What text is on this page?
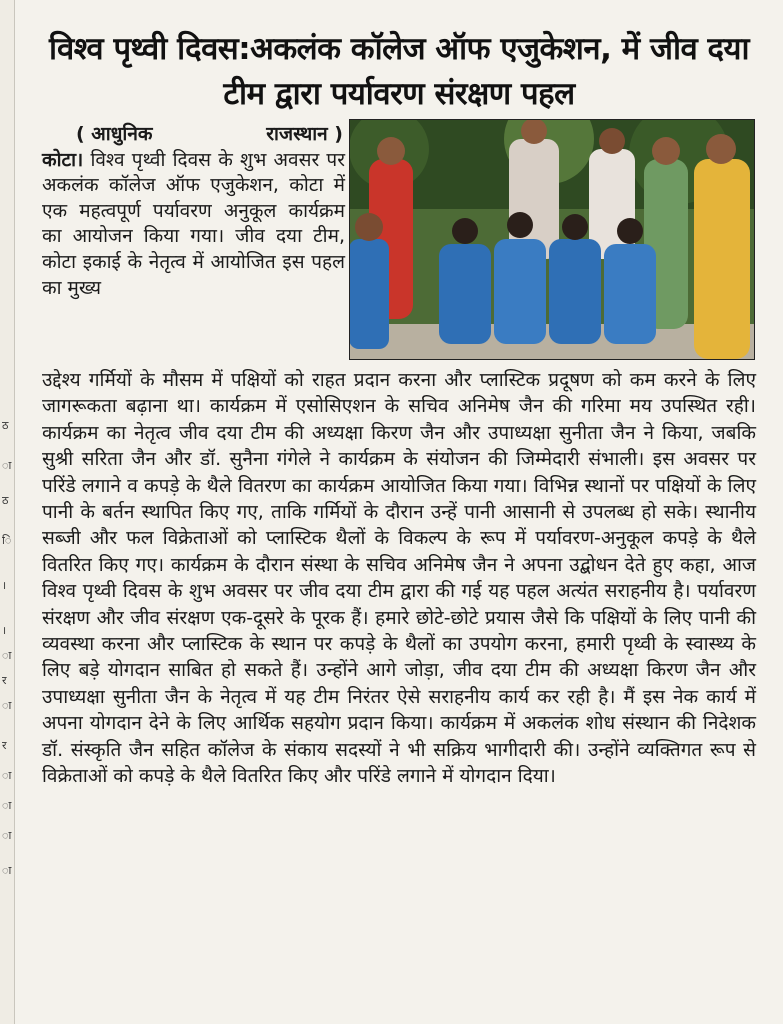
ठ
ा
ठ
ि
।
।
ा
र
ा
र
ा
ा
ा
ा
विश्व पृथ्वी दिवस:अकलंक कॉलेज ऑफ एजुकेशन, में जीव दया टीम द्वारा पर्यावरण संरक्षण पहल
( आधुनिक	राजस्थान )

कोटा। विश्व पृथ्वी दिवस के शुभ अवसर पर अकलंक कॉलेज ऑफ एजुकेशन, कोटा में एक महत्वपूर्ण पर्यावरण अनुकूल कार्यक्रम का आयोजन किया गया। जीव दया टीम, कोटा इकाई के नेतृत्व में आयोजित इस पहल का मुख्य

उद्देश्य गर्मियों के मौसम में पक्षियों को राहत प्रदान करना और प्लास्टिक प्रदूषण को कम करने के लिए जागरूकता बढ़ाना था। कार्यक्रम में एसोसिएशन के सचिव अनिमेष जैन की गरिमा मय उपस्थित रही। कार्यक्रम का नेतृत्व जीव दया टीम की अध्यक्षा किरण जैन और उपाध्यक्षा सुनीता जैन ने किया, जबकि सुश्री सरिता जैन और डॉ. सुनैना गंगेले ने कार्यक्रम के संयोजन की जिम्मेदारी संभाली। इस अवसर पर परिंडे लगाने व कपड़े के थैले वितरण का कार्यक्रम आयोजित किया गया। विभिन्न स्थानों पर पक्षियों के लिए पानी के बर्तन स्थापित किए गए, ताकि गर्मियों के दौरान उन्हें पानी आसानी से उपलब्ध हो सके। स्थानीय सब्जी और फल विक्रेताओं को प्लास्टिक थैलों के विकल्प के रूप में पर्यावरण-अनुकूल कपड़े के थैले वितरित किए गए। कार्यक्रम के दौरान संस्था के सचिव अनिमेष जैन ने अपना उद्बोधन देते हुए कहा, आज विश्व पृथ्वी दिवस के शुभ अवसर पर जीव दया टीम द्वारा की गई यह पहल अत्यंत सराहनीय है। पर्यावरण संरक्षण और जीव संरक्षण एक-दूसरे के पूरक हैं। हमारे छोटे-छोटे प्रयास जैसे कि पक्षियों के लिए पानी की व्यवस्था करना और प्लास्टिक के स्थान पर कपड़े के थैलों का उपयोग करना, हमारी पृथ्वी के स्वास्थ्य के लिए बड़े योगदान साबित हो सकते हैं। उन्होंने आगे जोड़ा, जीव दया टीम की अध्यक्षा किरण जैन और उपाध्यक्षा सुनीता जैन के नेतृत्व में यह टीम निरंतर ऐसे सराहनीय कार्य कर रही है। मैं इस नेक कार्य में अपना योगदान देने के लिए आर्थिक सहयोग प्रदान किया। कार्यक्रम में अकलंक शोध संस्थान की निदेशक डॉ. संस्कृति जैन सहित कॉलेज के संकाय सदस्यों ने भी सक्रिय भागीदारी की। उन्होंने व्यक्तिगत रूप से विक्रेताओं को कपड़े के थैले वितरित किए और परिंडे लगाने में योगदान दिया।
